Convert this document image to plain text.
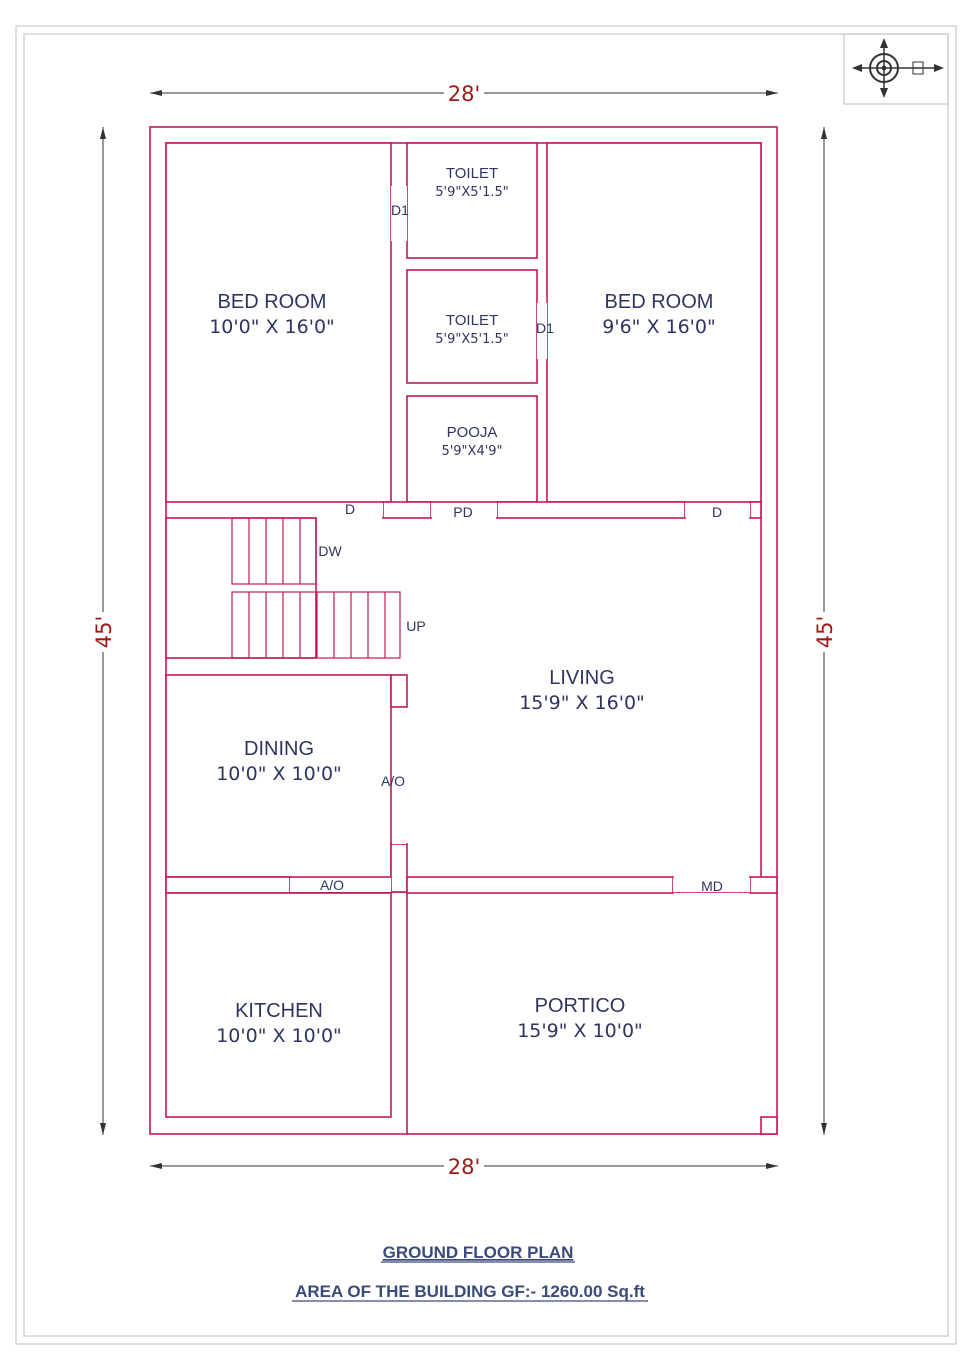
28'
28'
45'	45'
BED ROOM
10'0" X 16'0"
BED ROOM
9'6" X 16'0"
TOILET
5'9"X5'1.5"
TOILET
5'9"X5'1.5"
POOJA
5'9"X4'9"
LIVING
15'9" X 16'0"
DINING
10'0" X 10'0"
KITCHEN
10'0" X 10'0"
PORTICO
15'9" X 10'0"
D1
D1
D	PD	D
DW
UP
A/O
A/O	MD
GROUND FLOOR PLAN
AREA OF THE BUILDING GF:- 1260.00 Sq.ft
